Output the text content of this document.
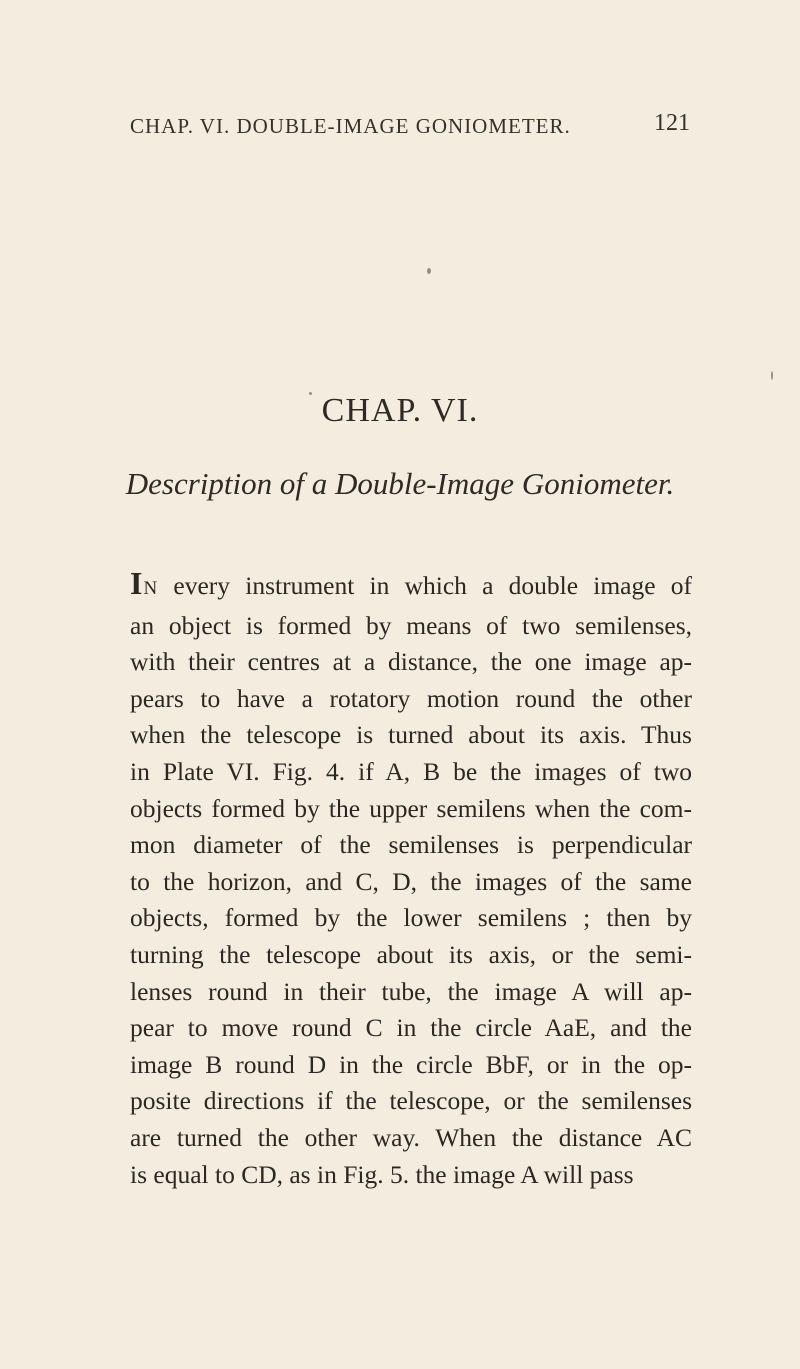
CHAP. VI. DOUBLE-IMAGE GONIOMETER.	121
CHAP. VI.
Description of a Double-Image Goniometer.
IN every instrument in which a double image of
an object is formed by means of two semilenses,
with their centres at a distance, the one image ap-
pears to have a rotatory motion round the other
when the telescope is turned about its axis. Thus
in Plate VI. Fig. 4. if A, B be the images of two
objects formed by the upper semilens when the com-
mon diameter of the semilenses is perpendicular
to the horizon, and C, D, the images of the same
objects, formed by the lower semilens ; then by
turning the telescope about its axis, or the semi-
lenses round in their tube, the image A will ap-
pear to move round C in the circle AaE, and the
image B round D in the circle BbF, or in the op-
posite directions if the telescope, or the semilenses
are turned the other way. When the distance AC
is equal to CD, as in Fig. 5. the image A will pass
